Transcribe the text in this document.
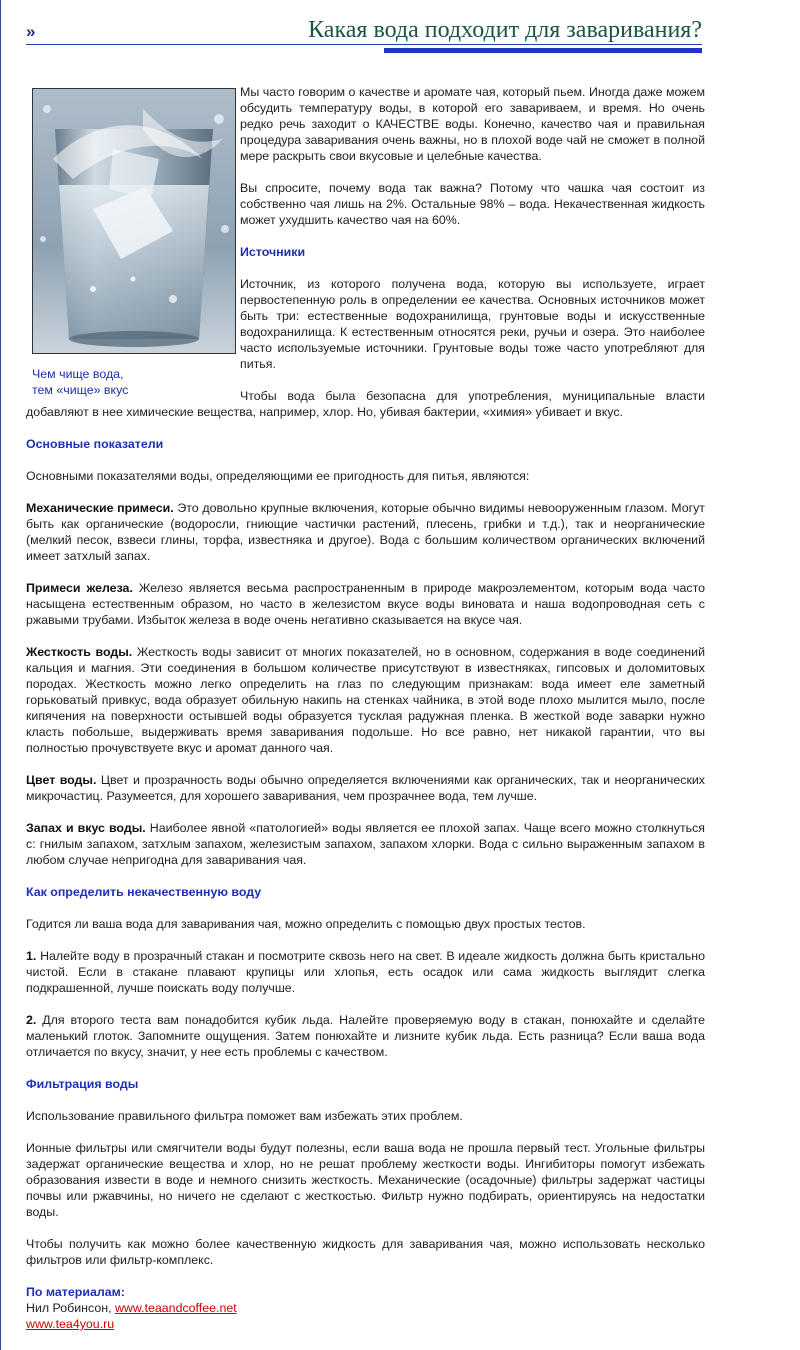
»	Какая вода подходит для заваривания?
Чем чище вода,
тем «чище» вкус

Мы часто говорим о качестве и аромате чая, который пьем. Иногда даже можем обсудить температуру воды, в которой его завариваем, и время. Но очень редко речь заходит о КАЧЕСТВЕ воды. Конечно, качество чая и правильная процедура заваривания очень важны, но в плохой воде чай не сможет в полной мере раскрыть свои вкусовые и целебные качества.

Вы спросите, почему вода так важна? Потому что чашка чая состоит из собственно чая лишь на 2%. Остальные 98% – вода. Некачественная жидкость может ухудшить качество чая на 60%.

Источники

Источник, из которого получена вода, которую вы используете, играет первостепенную роль в определении ее качества. Основных источников может быть три: естественные водохранилища, грунтовые воды и искусственные водохранилища. К естественным относятся реки, ручьи и озера. Это наиболее часто используемые источники. Грунтовые воды тоже часто употребляют для питья.

Чтобы вода была безопасна для употребления, муниципальные власти добавляют в нее химические вещества, например, хлор. Но, убивая бактерии, «химия» убивает и вкус.

Основные показатели

Основными показателями воды, определяющими ее пригодность для питья, являются:

Механические примеси. Это довольно крупные включения, которые обычно видимы невооруженным глазом. Могут быть как органические (водоросли, гниющие частички растений, плесень, грибки и т.д.), так и неорганические (мелкий песок, взвеси глины, торфа, известняка и другое). Вода с большим количеством органических включений имеет затхлый запах.

Примеси железа. Железо является весьма распространенным в природе макроэлементом, которым вода часто насыщена естественным образом, но часто в железистом вкусе воды виновата и наша водопроводная сеть с ржавыми трубами. Избыток железа в воде очень негативно сказывается на вкусе чая.

Жесткость воды. Жесткость воды зависит от многих показателей, но в основном, содержания в воде соединений кальция и магния. Эти соединения в большом количестве присутствуют в известняках, гипсовых и доломитовых породах. Жесткость можно легко определить на глаз по следующим признакам: вода имеет еле заметный горьковатый привкус, вода образует обильную накипь на стенках чайника, в этой воде плохо мылится мыло, после кипячения на поверхности остывшей воды образуется тусклая радужная пленка. В жесткой воде заварки нужно класть побольше, выдерживать время заваривания подольше. Но все равно, нет никакой гарантии, что вы полностью прочувствуете вкус и аромат данного чая.

Цвет воды. Цвет и прозрачность воды обычно определяется включениями как органических, так и неорганических микрочастиц. Разумеется, для хорошего заваривания, чем прозрачнее вода, тем лучше.

Запах и вкус воды. Наиболее явной «патологией» воды является ее плохой запах. Чаще всего можно столкнуться с: гнилым запахом, затхлым запахом, железистым запахом, запахом хлорки. Вода с сильно выраженным запахом в любом случае непригодна для заваривания чая.

Как определить некачественную воду

Годится ли ваша вода для заваривания чая, можно определить с помощью двух простых тестов.

1. Налейте воду в прозрачный стакан и посмотрите сквозь него на свет. В идеале жидкость должна быть кристально чистой. Если в стакане плавают крупицы или хлопья, есть осадок или сама жидкость выглядит слегка подкрашенной, лучше поискать воду получше.

2. Для второго теста вам понадобится кубик льда. Налейте проверяемую воду в стакан, понюхайте и сделайте маленький глоток. Запомните ощущения. Затем понюхайте и лизните кубик льда. Есть разница? Если ваша вода отличается по вкусу, значит, у нее есть проблемы с качеством.

Фильтрация воды

Использование правильного фильтра поможет вам избежать этих проблем.

Ионные фильтры или смягчители воды будут полезны, если ваша вода не прошла первый тест. Угольные фильтры задержат органические вещества и хлор, но не решат проблему жесткости воды. Ингибиторы помогут избежать образования извести в воде и немного снизить жесткость. Механические (осадочные) фильтры задержат частицы почвы или ржавчины, но ничего не сделают с жесткостью. Фильтр нужно подбирать, ориентируясь на недостатки воды.

Чтобы получить как можно более качественную жидкость для заваривания чая, можно использовать несколько фильтров или фильтр-комплекс.

По материалам:
Нил Робинсон, www.teaandcoffee.net
www.tea4you.ru
